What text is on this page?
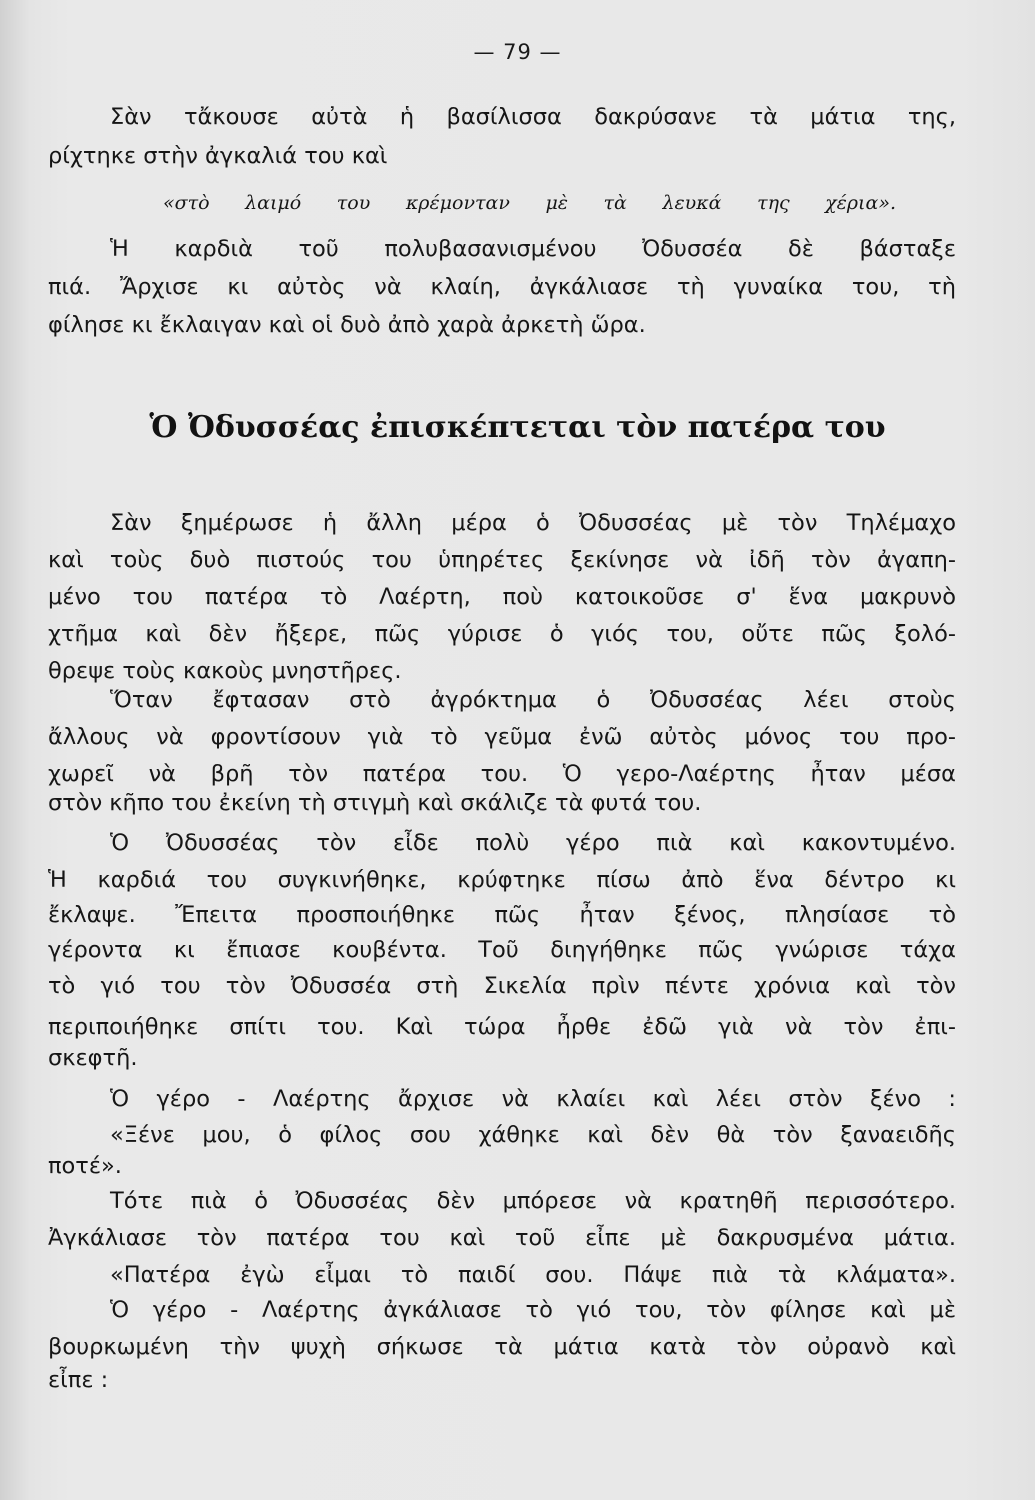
— 79 —
Σὰν τἄκουσε αὐτὰ ἡ βασίλισσα δακρύσανε τὰ μάτια της,
ρίχτηκε στὴν ἀγκαλιά του καὶ
«στὸ λαιμό του κρέμονταν μὲ τὰ λευκά της χέρια».
Ἡ καρδιὰ τοῦ πολυβασανισμένου Ὀδυσσέα δὲ βάσταξε
πιά. Ἄρχισε κι αὐτὸς νὰ κλαίη, ἀγκάλιασε τὴ γυναίκα του, τὴ
φίλησε κι ἔκλαιγαν καὶ οἱ δυὸ ἀπὸ χαρὰ ἀρκετὴ ὥρα.
Ὁ Ὀδυσσέας ἐπισκέπτεται τὸν πατέρα του
Σὰν ξημέρωσε ἡ ἄλλη μέρα ὁ Ὀδυσσέας μὲ τὸν Τηλέμαχο
καὶ τοὺς δυὸ πιστούς του ὑπηρέτες ξεκίνησε νὰ ἰδῆ τὸν ἀγαπη-
μένο του πατέρα τὸ Λαέρτη, ποὺ κατοικοῦσε σ' ἕνα μακρυνὸ
χτῆμα καὶ δὲν ἤξερε, πῶς γύρισε ὁ γιός του, οὔτε πῶς ξολό-
θρεψε τοὺς κακοὺς μνηστῆρες.
Ὅταν ἔφτασαν στὸ ἀγρόκτημα ὁ Ὀδυσσέας λέει στοὺς
ἄλλους νὰ φροντίσουν γιὰ τὸ γεῦμα ἐνῶ αὐτὸς μόνος του προ-
χωρεῖ νὰ βρῆ τὸν πατέρα του. Ὁ γερο-Λαέρτης ἦταν μέσα
στὸν κῆπο του ἐκείνη τὴ στιγμὴ καὶ σκάλιζε τὰ φυτά του.
Ὁ Ὀδυσσέας τὸν εἶδε πολὺ γέρο πιὰ καὶ κακοντυμένο.
Ἡ καρδιά του συγκινήθηκε, κρύφτηκε πίσω ἀπὸ ἕνα δέντρο κι
ἔκλαψε. Ἔπειτα προσποιήθηκε πῶς ἦταν ξένος, πλησίασε τὸ
γέροντα κι ἔπιασε κουβέντα. Τοῦ διηγήθηκε πῶς γνώρισε τάχα
τὸ γιό του τὸν Ὀδυσσέα στὴ Σικελία πρὶν πέντε χρόνια καὶ τὸν
περιποιήθηκε σπίτι του. Καὶ τώρα ἦρθε ἐδῶ γιὰ νὰ τὸν ἐπι-
σκεφτῆ.
Ὁ γέρο - Λαέρτης ἄρχισε νὰ κλαίει καὶ λέει στὸν ξένο :
«Ξένε μου, ὁ φίλος σου χάθηκε καὶ δὲν θὰ τὸν ξαναειδῆς
ποτέ».
Τότε πιὰ ὁ Ὀδυσσέας δὲν μπόρεσε νὰ κρατηθῆ περισσότερο.
Ἀγκάλιασε τὸν πατέρα του καὶ τοῦ εἶπε μὲ δακρυσμένα μάτια.
«Πατέρα ἐγὼ εἶμαι τὸ παιδί σου. Πάψε πιὰ τὰ κλάματα».
Ὁ γέρο - Λαέρτης ἀγκάλιασε τὸ γιό του, τὸν φίλησε καὶ μὲ
βουρκωμένη τὴν ψυχὴ σήκωσε τὰ μάτια κατὰ τὸν οὐρανὸ καὶ
εἶπε :
